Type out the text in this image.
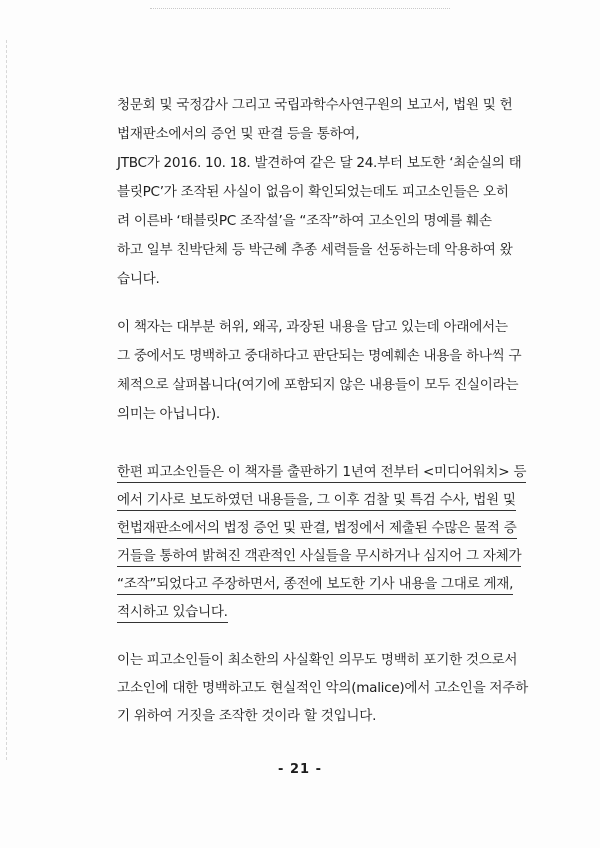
청문회 및 국정감사 그리고 국립과학수사연구원의 보고서, 법원 및 헌
법재판소에서의 증언 및 판결 등을 통하여,
JTBC가 2016. 10. 18. 발견하여 같은 달 24.부터 보도한 ‘최순실의 태
블릿PC’가 조작된 사실이 없음이 확인되었는데도 피고소인들은 오히
려 이른바 ‘태블릿PC 조작설’을 “조작”하여 고소인의 명예를 훼손
하고 일부 친박단체 등 박근혜 추종 세력들을 선동하는데 악용하여 왔
습니다.
이 책자는 대부분 허위, 왜곡, 과장된 내용을 담고 있는데 아래에서는
그 중에서도 명백하고 중대하다고 판단되는 명예훼손 내용을 하나씩 구
체적으로 살펴봅니다(여기에 포함되지 않은 내용들이 모두 진실이라는
의미는 아닙니다).
한편 피고소인들은 이 책자를 출판하기 1년여 전부터 <미디어워치> 등
에서 기사로 보도하였던 내용들을, 그 이후 검찰 및 특검 수사, 법원 및
헌법재판소에서의 법정 증언 및 판결, 법정에서 제출된 수많은 물적 증
거들을 통하여 밝혀진 객관적인 사실들을 무시하거나 심지어 그 자체가
“조작”되었다고 주장하면서, 종전에 보도한 기사 내용을 그대로 게재,
적시하고 있습니다.
이는 피고소인들이 최소한의 사실확인 의무도 명백히 포기한 것으로서
고소인에 대한 명백하고도 현실적인 악의(malice)에서 고소인을 저주하
기 위하여 거짓을 조작한 것이라 할 것입니다.
- 21 -
